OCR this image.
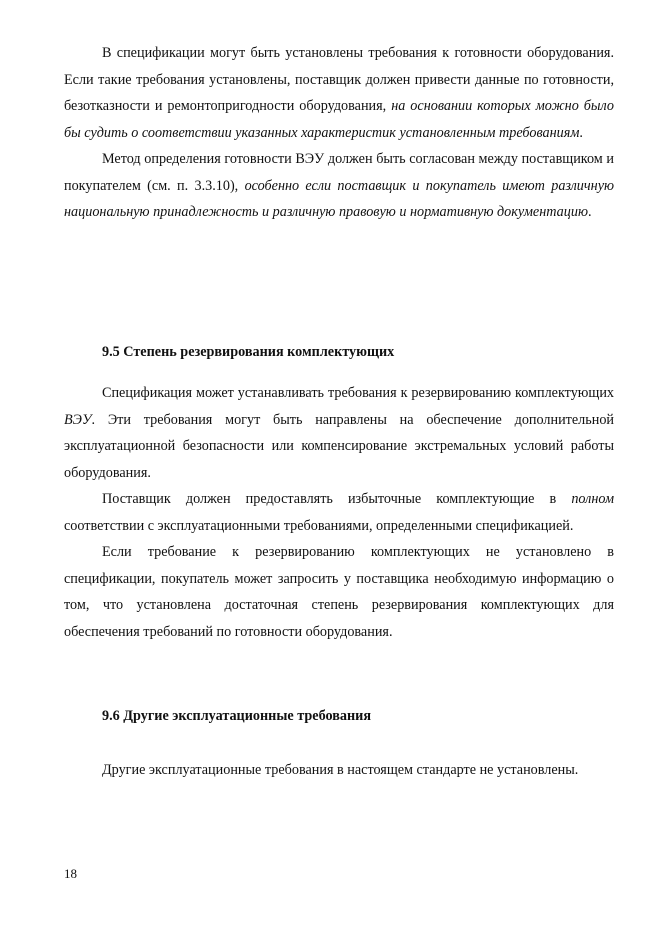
В спецификации могут быть установлены требования к готовности оборудования. Если такие требования установлены, поставщик должен привести данные по готовности, безотказности и ремонтопригодности оборудования, на основании которых можно было бы судить о соответствии указанных характеристик установленным требованиям.

Метод определения готовности ВЭУ должен быть согласован между поставщиком и покупателем (см. п. 3.3.10), особенно если поставщик и покупатель имеют различную национальную принадлежность и различную правовую и нормативную документацию.

9.5 Степень резервирования комплектующих

Спецификация может устанавливать требования к резервированию комплектующих ВЭУ. Эти требования могут быть направлены на обеспечение дополнительной эксплуатационной безопасности или компенсирование экстремальных условий работы оборудования.

Поставщик должен предоставлять избыточные комплектующие в полном соответствии с эксплуатационными требованиями, определенными спецификацией.

Если требование к резервированию комплектующих не установлено в спецификации, покупатель может запросить у поставщика необходимую информацию о том, что установлена достаточная степень резервирования комплектующих для обеспечения требований по готовности оборудования.

9.6 Другие эксплуатационные требования

Другие эксплуатационные требования в настоящем стандарте не установлены.

18
